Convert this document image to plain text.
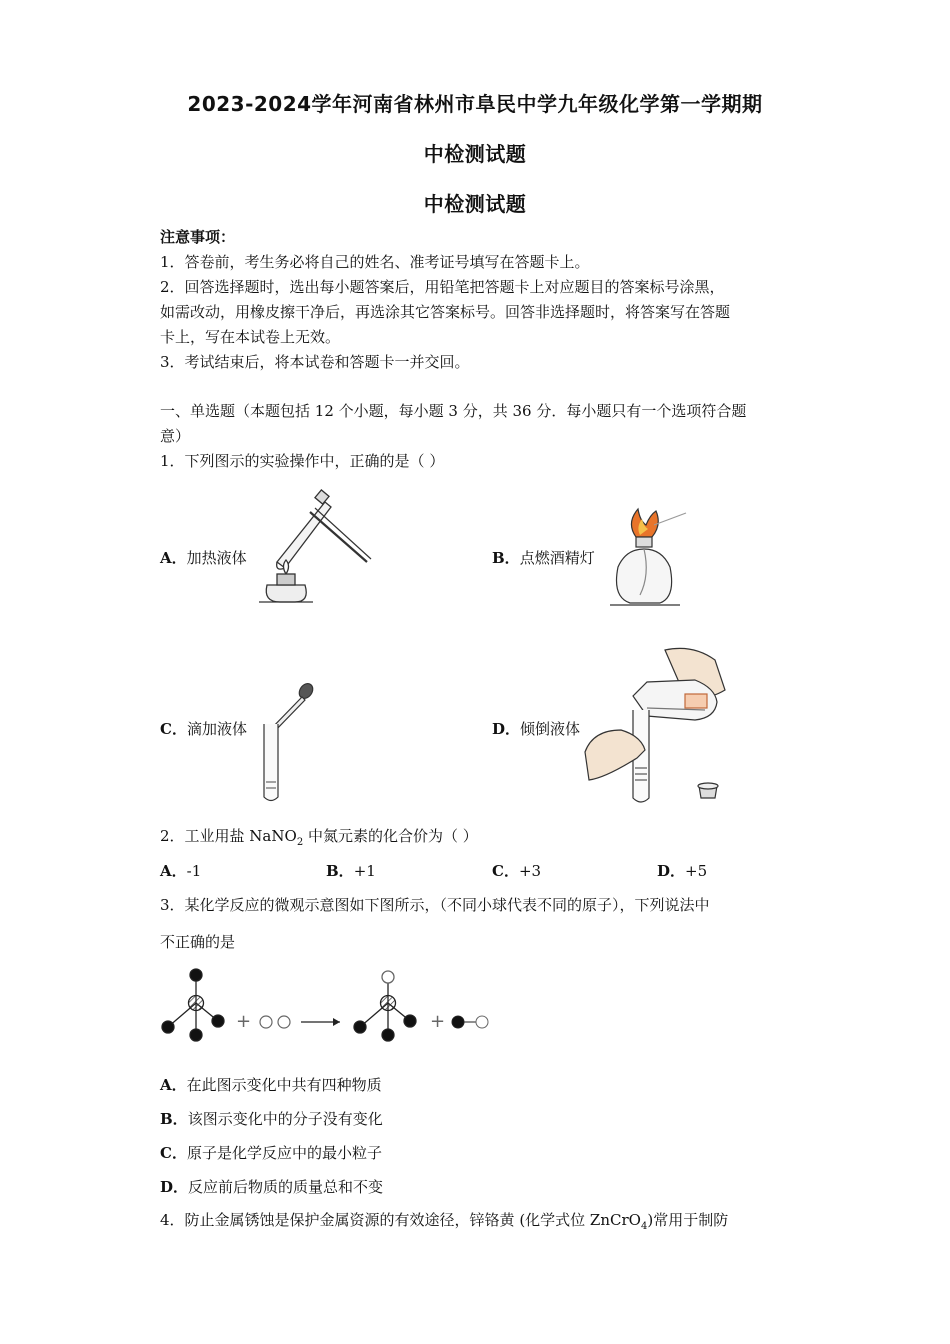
2023-2024学年河南省林州市阜民中学九年级化学第一学期期
中检测试题
中检测试题
注意事项：
1．答卷前，考生务必将自己的姓名、准考证号填写在答题卡上。
2．回答选择题时，选出每小题答案后，用铅笔把答题卡上对应题目的答案标号涂黑，
如需改动，用橡皮擦干净后，再选涂其它答案标号。回答非选择题时，将答案写在答题
卡上，写在本试卷上无效。
3．考试结束后，将本试卷和答题卡一并交回。
一、单选题（本题包括 12 个小题，每小题 3 分，共 36 分．每小题只有一个选项符合题
意）
1．下列图示的实验操作中，正确的是（ ）
A．加热液体	B．点燃酒精灯
C．滴加液体	D．倾倒液体
2．工业用盐 NaNO$_2$ 中氮元素的化合价为（ ）
A．-1	B．+1	C．+3	D．+5
3．某化学反应的微观示意图如下图所示，（不同小球代表不同的原子），下列说法中
不正确的是
+	+
A．在此图示变化中共有四种物质
B．该图示变化中的分子没有变化
C．原子是化学反应中的最小粒子
D．反应前后物质的质量总和不变
4．防止金属锈蚀是保护金属资源的有效途径，锌铬黄 (化学式位 ZnCrO$_4$)常用于制防
